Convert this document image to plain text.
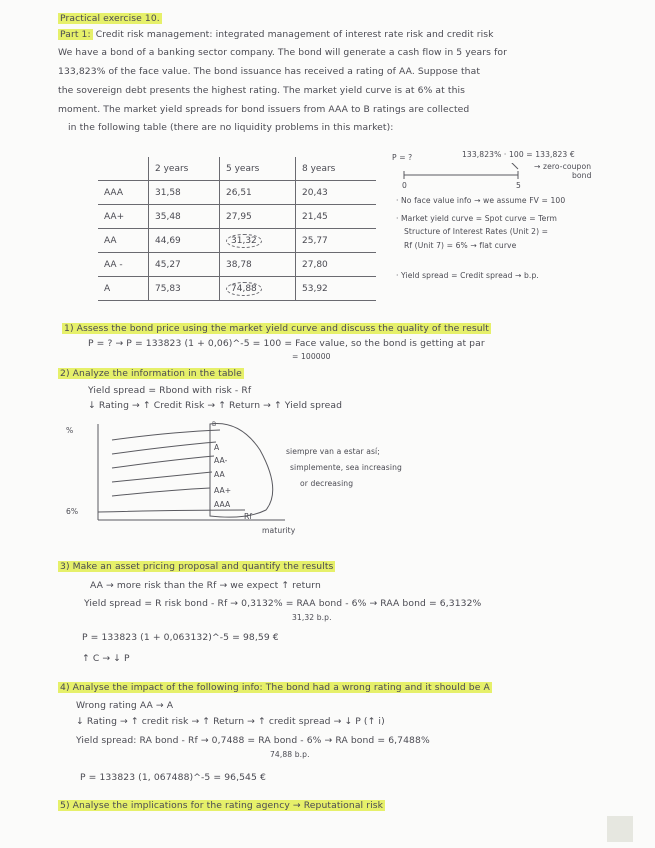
Practical exercise 10.
Part 1: Credit risk management: integrated management of interest rate risk and credit risk
We have a bond of a banking sector company. The bond will generate a cash flow in 5 years for
133,823% of the face value. The bond issuance has received a rating of AA. Suppose that
the sovereign debt presents the highest rating. The market yield curve is at 6% at this
moment. The market yield spreads for bond issuers from AAA to B ratings are collected
in the following table (there are no liquidity problems in this market):
	2 years	5 years	8 years
AAA	31,58	26,51	20,43
AA+	35,48	27,95	21,45
AA	44,69	31,32	25,77
AA -	45,27	38,78	27,80
A	75,83	74,88	53,92
P = ?	133,823% · 100 = 133,823 €
→ zero-coupon
bond
0	5
· No face value info → we assume FV = 100
· Market yield curve = Spot curve = Term
Structure of Interest Rates (Unit 2) =
Rf (Unit 7) = 6% → flat curve
· Yield spread = Credit spread → b.p.
1) Assess the bond price using the market yield curve and discuss the quality of the result
P = ? → P = 133823 (1 + 0,06)^-5 = 100 = Face value, so the bond is getting at par
= 100000
2) Analyze the information in the table
Yield spread = Rbond with risk - Rf
↓ Rating → ↑ Credit Risk → ↑ Return → ↑ Yield spread
%
6%
B
A
AA-
AA
AA+
AAA
Rf
maturity
siempre van a estar así;
simplemente, sea increasing
or decreasing
3) Make an asset pricing proposal and quantify the results
AA → more risk than the Rf → we expect ↑ return
Yield spread = R risk bond - Rf → 0,3132% = RAA bond - 6% → RAA bond = 6,3132%
31,32 b.p.
P = 133823 (1 + 0,063132)^-5 = 98,59 €
↑ C → ↓ P
4) Analyse the impact of the following info: The bond had a wrong rating and it should be A
Wrong rating AA → A
↓ Rating → ↑ credit risk → ↑ Return → ↑ credit spread → ↓ P (↑ i)
Yield spread: RA bond - Rf → 0,7488 = RA bond - 6% → RA bond = 6,7488%
74,88 b.p.
P = 133823 (1, 067488)^-5 = 96,545 €
5) Analyse the implications for the rating agency → Reputational risk
